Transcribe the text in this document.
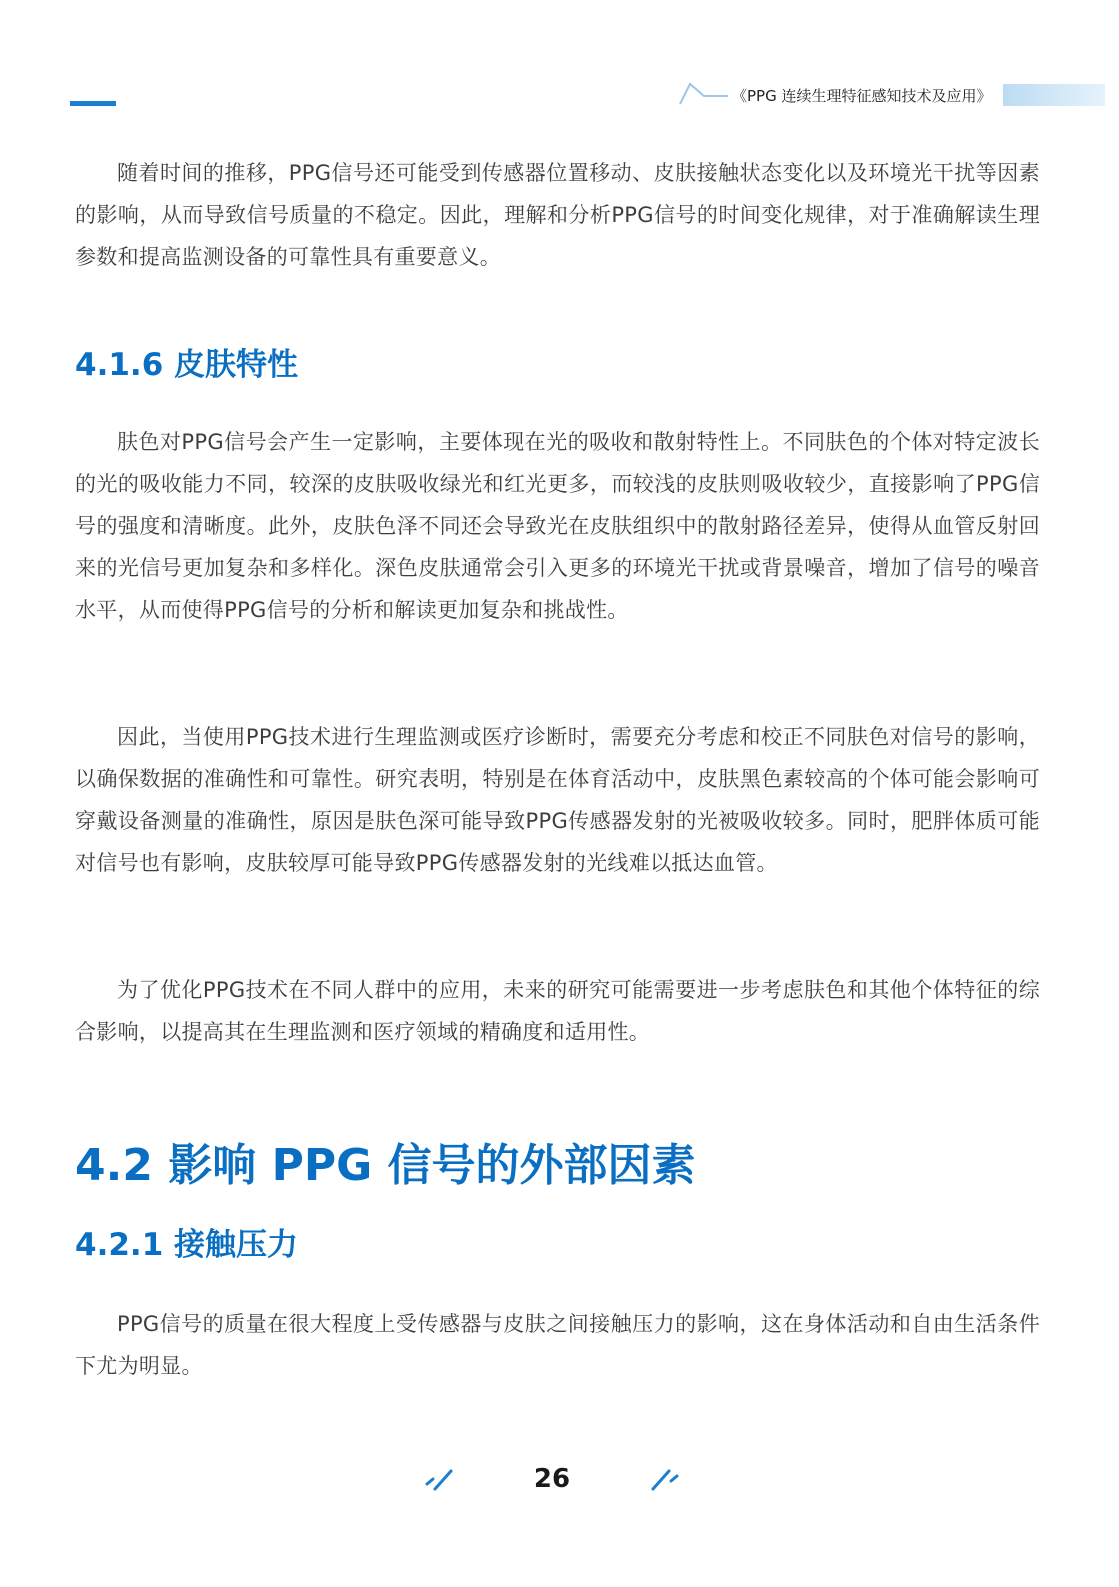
《PPG 连续生理特征感知技术及应用》

随着时间的推移，PPG信号还可能受到传感器位置移动、皮肤接触状态变化以及环境光干扰等因素的影响，从而导致信号质量的不稳定。因此，理解和分析PPG信号的时间变化规律，对于准确解读生理参数和提高监测设备的可靠性具有重要意义。

4.1.6 皮肤特性

肤色对PPG信号会产生一定影响，主要体现在光的吸收和散射特性上。不同肤色的个体对特定波长的光的吸收能力不同，较深的皮肤吸收绿光和红光更多，而较浅的皮肤则吸收较少，直接影响了PPG信号的强度和清晰度。此外，皮肤色泽不同还会导致光在皮肤组织中的散射路径差异，使得从血管反射回来的光信号更加复杂和多样化。深色皮肤通常会引入更多的环境光干扰或背景噪音，增加了信号的噪音水平，从而使得PPG信号的分析和解读更加复杂和挑战性。

因此，当使用PPG技术进行生理监测或医疗诊断时，需要充分考虑和校正不同肤色对信号的影响，以确保数据的准确性和可靠性。研究表明，特别是在体育活动中，皮肤黑色素较高的个体可能会影响可穿戴设备测量的准确性，原因是肤色深可能导致PPG传感器发射的光被吸收较多。同时，肥胖体质可能对信号也有影响，皮肤较厚可能导致PPG传感器发射的光线难以抵达血管。

为了优化PPG技术在不同人群中的应用，未来的研究可能需要进一步考虑肤色和其他个体特征的综合影响，以提高其在生理监测和医疗领域的精确度和适用性。

4.2 影响 PPG 信号的外部因素
4.2.1 接触压力

PPG信号的质量在很大程度上受传感器与皮肤之间接触压力的影响，这在身体活动和自由生活条件下尤为明显。

26
